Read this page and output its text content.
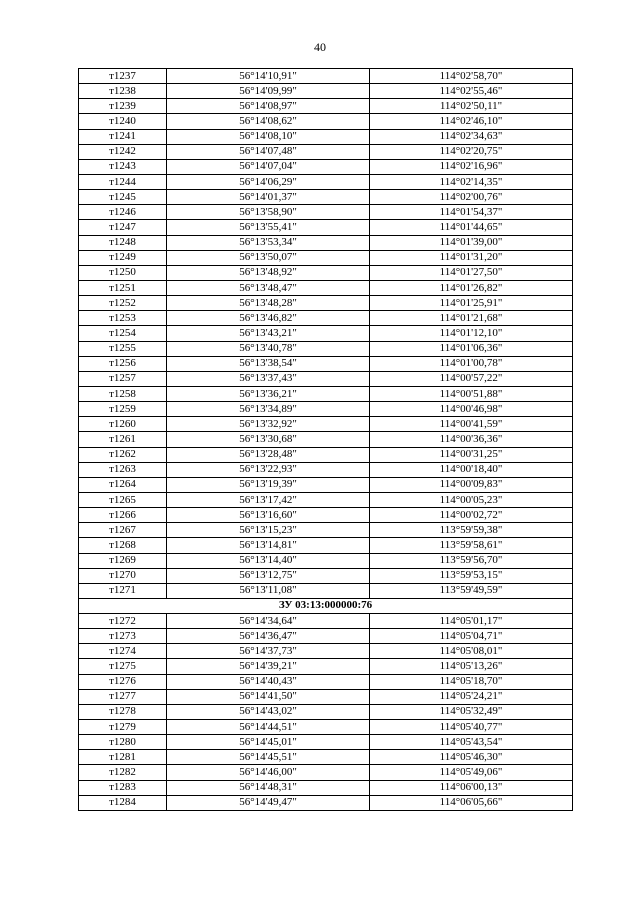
40
т1237	56°14'10,91"	114°02'58,70"
т1238	56°14'09,99"	114°02'55,46"
т1239	56°14'08,97"	114°02'50,11"
т1240	56°14'08,62"	114°02'46,10"
т1241	56°14'08,10"	114°02'34,63"
т1242	56°14'07,48"	114°02'20,75"
т1243	56°14'07,04"	114°02'16,96"
т1244	56°14'06,29"	114°02'14,35"
т1245	56°14'01,37"	114°02'00,76"
т1246	56°13'58,90"	114°01'54,37"
т1247	56°13'55,41"	114°01'44,65"
т1248	56°13'53,34"	114°01'39,00"
т1249	56°13'50,07"	114°01'31,20"
т1250	56°13'48,92"	114°01'27,50"
т1251	56°13'48,47"	114°01'26,82"
т1252	56°13'48,28"	114°01'25,91"
т1253	56°13'46,82"	114°01'21,68"
т1254	56°13'43,21"	114°01'12,10"
т1255	56°13'40,78"	114°01'06,36"
т1256	56°13'38,54"	114°01'00,78"
т1257	56°13'37,43"	114°00'57,22"
т1258	56°13'36,21"	114°00'51,88"
т1259	56°13'34,89"	114°00'46,98"
т1260	56°13'32,92"	114°00'41,59"
т1261	56°13'30,68"	114°00'36,36"
т1262	56°13'28,48"	114°00'31,25"
т1263	56°13'22,93"	114°00'18,40"
т1264	56°13'19,39"	114°00'09,83"
т1265	56°13'17,42"	114°00'05,23"
т1266	56°13'16,60"	114°00'02,72"
т1267	56°13'15,23"	113°59'59,38"
т1268	56°13'14,81"	113°59'58,61"
т1269	56°13'14,40"	113°59'56,70"
т1270	56°13'12,75"	113°59'53,15"
т1271	56°13'11,08"	113°59'49,59"
ЗУ 03:13:000000:76		
т1272	56°14'34,64"	114°05'01,17"
т1273	56°14'36,47"	114°05'04,71"
т1274	56°14'37,73"	114°05'08,01"
т1275	56°14'39,21"	114°05'13,26"
т1276	56°14'40,43"	114°05'18,70"
т1277	56°14'41,50"	114°05'24,21"
т1278	56°14'43,02"	114°05'32,49"
т1279	56°14'44,51"	114°05'40,77"
т1280	56°14'45,01"	114°05'43,54"
т1281	56°14'45,51"	114°05'46,30"
т1282	56°14'46,00"	114°05'49,06"
т1283	56°14'48,31"	114°06'00,13"
т1284	56°14'49,47"	114°06'05,66"
